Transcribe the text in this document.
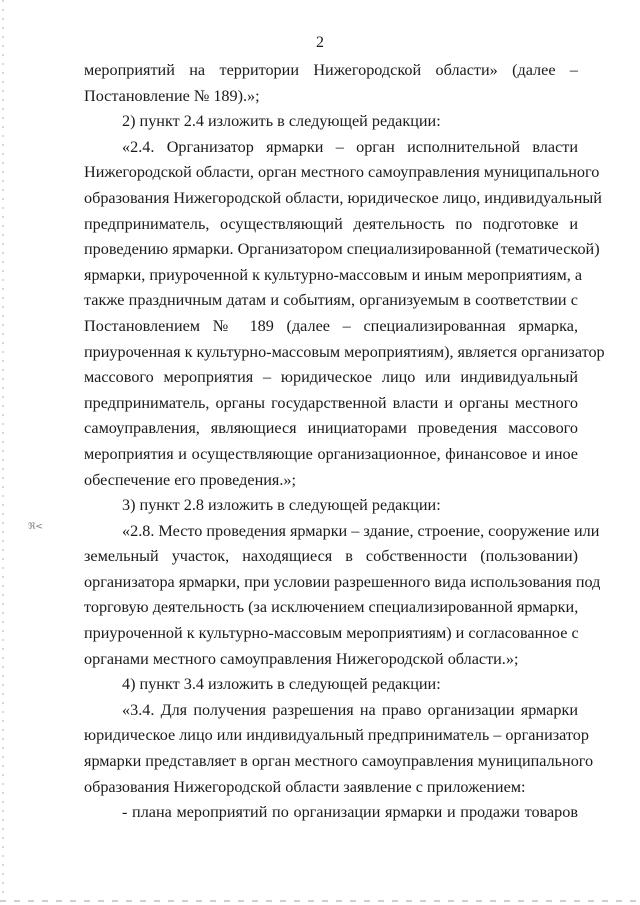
2
ℜ<
мероприятий на территории Нижегородской области» (далее –
Постановление № 189).»;
2) пункт 2.4 изложить в следующей редакции:
«2.4. Организатор ярмарки – орган исполнительной власти
Нижегородской области, орган местного самоуправления муниципального
образования Нижегородской области, юридическое лицо, индивидуальный
предприниматель, осуществляющий деятельность по подготовке и
проведению ярмарки. Организатором специализированной (тематической)
ярмарки, приуроченной к культурно-массовым и иным мероприятиям, а
также праздничным датам и событиям, организуемым в соответствии с
Постановлением № 189 (далее – специализированная ярмарка,
приуроченная к культурно-массовым мероприятиям), является организатор
массового мероприятия – юридическое лицо или индивидуальный
предприниматель, органы государственной власти и органы местного
самоуправления, являющиеся инициаторами проведения массового
мероприятия и осуществляющие организационное, финансовое и иное
обеспечение его проведения.»;
3) пункт 2.8 изложить в следующей редакции:
«2.8. Место проведения ярмарки – здание, строение, сооружение или
земельный участок, находящиеся в собственности (пользовании)
организатора ярмарки, при условии разрешенного вида использования под
торговую деятельность (за исключением специализированной ярмарки,
приуроченной к культурно-массовым мероприятиям) и согласованное с
органами местного самоуправления Нижегородской области.»;
4) пункт 3.4 изложить в следующей редакции:
«3.4. Для получения разрешения на право организации ярмарки
юридическое лицо или индивидуальный предприниматель – организатор
ярмарки представляет в орган местного самоуправления муниципального
образования Нижегородской области заявление с приложением:
- плана мероприятий по организации ярмарки и продажи товаров
